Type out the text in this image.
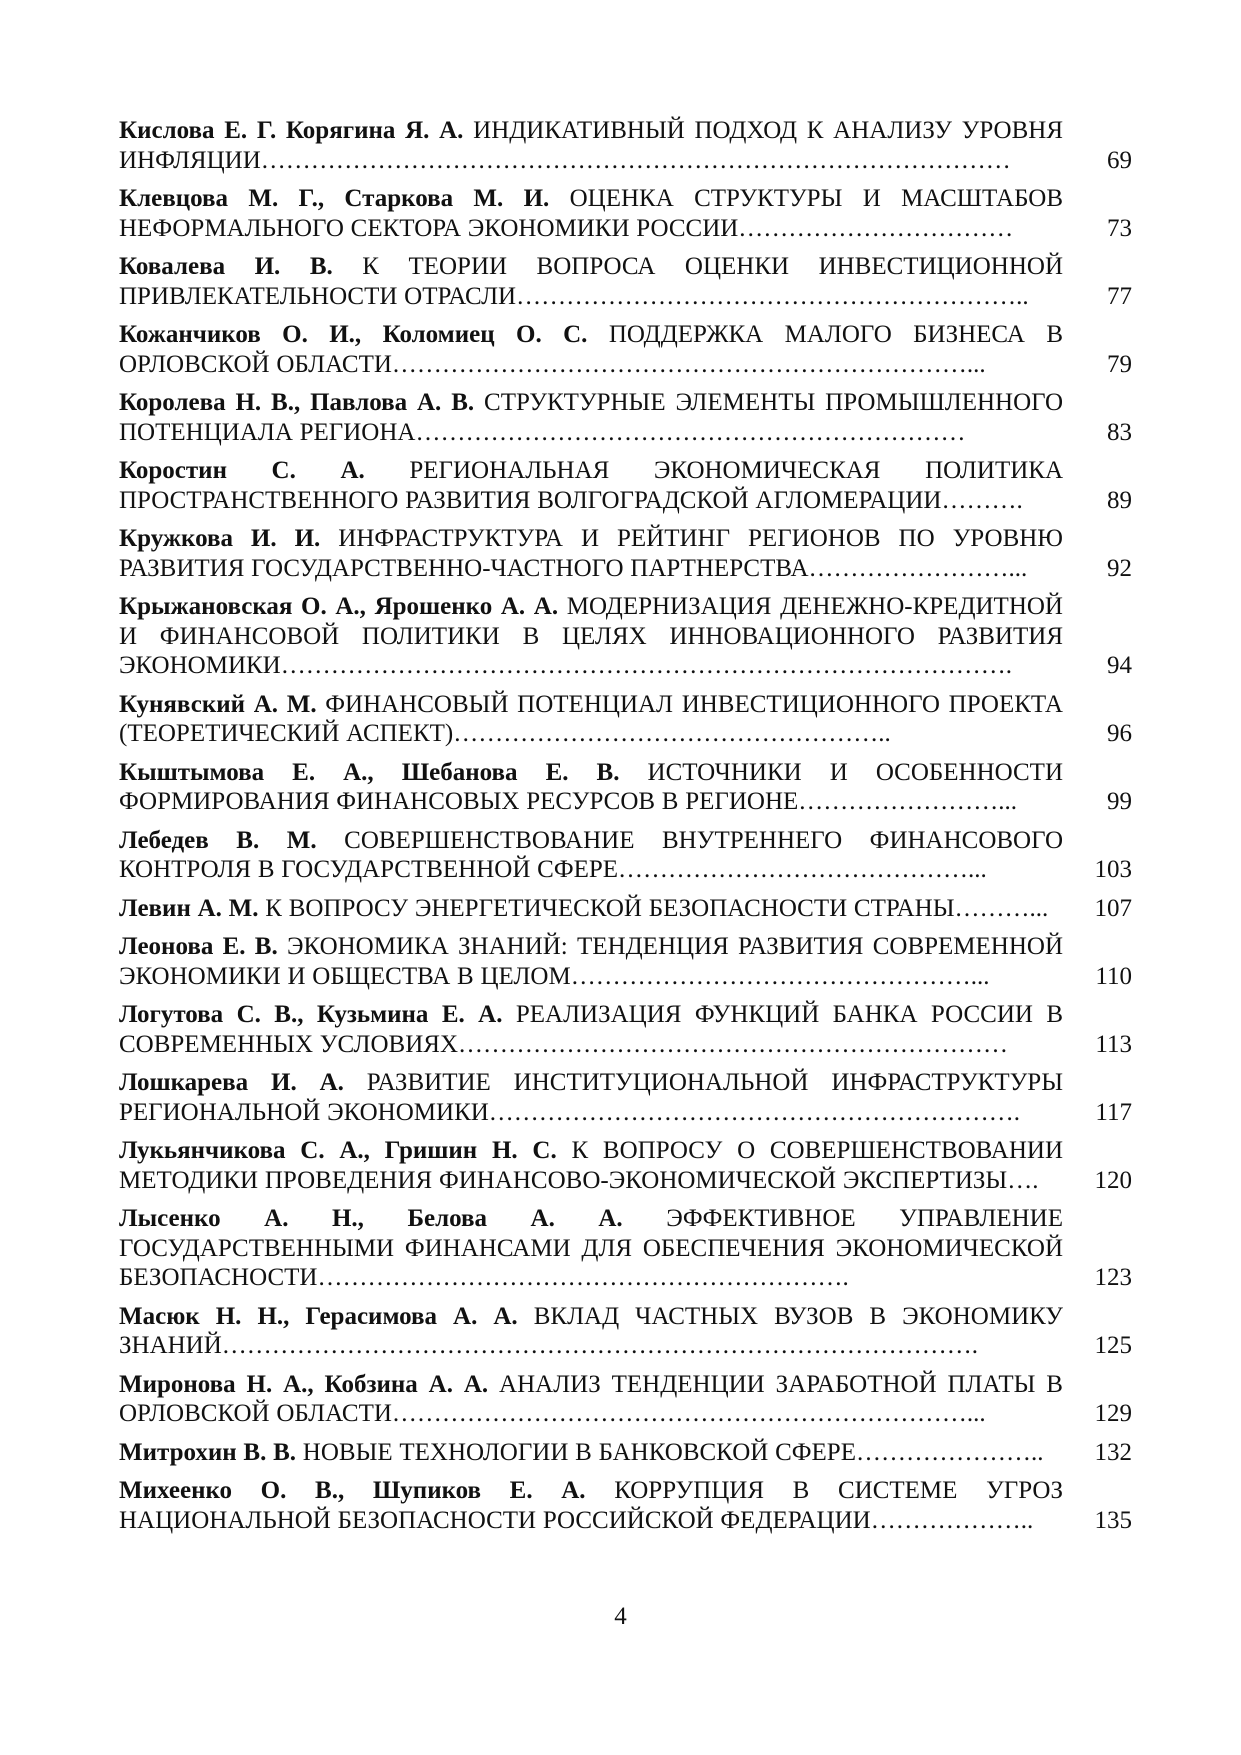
Кислова Е. Г. Корягина Я. А. ИНДИКАТИВНЫЙ ПОДХОД К АНАЛИЗУ УРОВНЯ ИНФЛЯЦИИ………………………………………………………………………………	69
Клевцова М. Г., Старкова М. И. ОЦЕНКА СТРУКТУРЫ И МАСШТАБОВ НЕФОРМАЛЬНОГО СЕКТОРА ЭКОНОМИКИ РОССИИ……………………………	73
Ковалева И. В. К ТЕОРИИ ВОПРОСА ОЦЕНКИ ИНВЕСТИЦИОННОЙ ПРИВЛЕКАТЕЛЬНОСТИ ОТРАСЛИ……………………………………………………..	77
Кожанчиков О. И., Коломиец О. С. ПОДДЕРЖКА МАЛОГО БИЗНЕСА В ОРЛОВСКОЙ ОБЛАСТИ……………………………………………………………...	79
Королева Н. В., Павлова А. В. СТРУКТУРНЫЕ ЭЛЕМЕНТЫ ПРОМЫШЛЕННОГО ПОТЕНЦИАЛА РЕГИОНА…………………………………………………………	83
Коростин С. А. РЕГИОНАЛЬНАЯ ЭКОНОМИЧЕСКАЯ ПОЛИТИКА ПРОСТРАНСТВЕННОГО РАЗВИТИЯ ВОЛГОГРАДСКОЙ АГЛОМЕРАЦИИ……….	89
Кружкова И. И. ИНФРАСТРУКТУРА И РЕЙТИНГ РЕГИОНОВ ПО УРОВНЮ РАЗВИТИЯ ГОСУДАРСТВЕННО-ЧАСТНОГО ПАРТНЕРСТВА……………………...	92
Крыжановская О. А., Ярошенко А. А. МОДЕРНИЗАЦИЯ ДЕНЕЖНО-КРЕДИТНОЙ И ФИНАНСОВОЙ ПОЛИТИКИ В ЦЕЛЯХ ИННОВАЦИОННОГО РАЗВИТИЯ ЭКОНОМИКИ…………………………………………………………………………….	94
Кунявский А. М. ФИНАНСОВЫЙ ПОТЕНЦИАЛ ИНВЕСТИЦИОННОГО ПРОЕКТА (ТЕОРЕТИЧЕСКИЙ АСПЕКТ)……………………………………………..	96
Кыштымова Е. А., Шебанова Е. В. ИСТОЧНИКИ И ОСОБЕННОСТИ ФОРМИРОВАНИЯ ФИНАНСОВЫХ РЕСУРСОВ В РЕГИОНЕ……………………...	99
Лебедев В. М. СОВЕРШЕНСТВОВАНИЕ ВНУТРЕННЕГО ФИНАНСОВОГО КОНТРОЛЯ В ГОСУДАРСТВЕННОЙ СФЕРЕ……………………………………...	103
Левин А. М. К ВОПРОСУ ЭНЕРГЕТИЧЕСКОЙ БЕЗОПАСНОСТИ СТРАНЫ………...	107
Леонова Е. В. ЭКОНОМИКА ЗНАНИЙ: ТЕНДЕНЦИЯ РАЗВИТИЯ СОВРЕМЕННОЙ ЭКОНОМИКИ И ОБЩЕСТВА В ЦЕЛОМ…………………………………………...	110
Логутова С. В., Кузьмина Е. А. РЕАЛИЗАЦИЯ ФУНКЦИЙ БАНКА РОССИИ В СОВРЕМЕННЫХ УСЛОВИЯХ…………………………………………………………	113
Лошкарева И. А. РАЗВИТИЕ ИНСТИТУЦИОНАЛЬНОЙ ИНФРАСТРУКТУРЫ РЕГИОНАЛЬНОЙ ЭКОНОМИКИ……………………………………………………….	117
Лукьянчикова С. А., Гришин Н. С. К ВОПРОСУ О СОВЕРШЕНСТВОВАНИИ МЕТОДИКИ ПРОВЕДЕНИЯ ФИНАНСОВО-ЭКОНОМИЧЕСКОЙ ЭКСПЕРТИЗЫ….	120
Лысенко А. Н., Белова А. А. ЭФФЕКТИВНОЕ УПРАВЛЕНИЕ ГОСУДАРСТВЕННЫМИ ФИНАНСАМИ ДЛЯ ОБЕСПЕЧЕНИЯ ЭКОНОМИЧЕСКОЙ БЕЗОПАСНОСТИ……………………………………………………….	123
Масюк Н. Н., Герасимова А. А. ВКЛАД ЧАСТНЫХ ВУЗОВ В ЭКОНОМИКУ ЗНАНИЙ……………………………………………………………………………….	125
Миронова Н. А., Кобзина А. А. АНАЛИЗ ТЕНДЕНЦИИ ЗАРАБОТНОЙ ПЛАТЫ В ОРЛОВСКОЙ ОБЛАСТИ……………………………………………………………...	129
Митрохин В. В. НОВЫЕ ТЕХНОЛОГИИ В БАНКОВСКОЙ СФЕРЕ…………………..	132
Михеенко О. В., Шупиков Е. А. КОРРУПЦИЯ В СИСТЕМЕ УГРОЗ НАЦИОНАЛЬНОЙ БЕЗОПАСНОСТИ РОССИЙСКОЙ ФЕДЕРАЦИИ………………..	135
4
